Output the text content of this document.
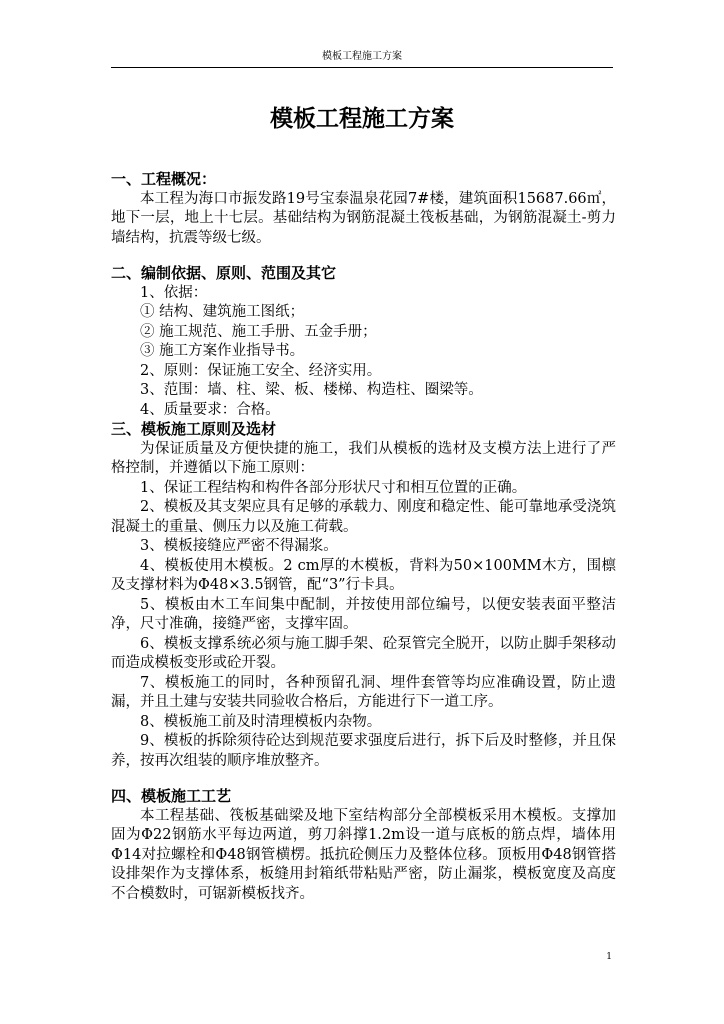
模板工程施工方案
模板工程施工方案
一、工程概况：
本工程为海口市振发路19号宝泰温泉花园7#楼，建筑面积15687.66㎡，地下一层，地上十七层。基础结构为钢筋混凝土筏板基础，为钢筋混凝土-剪力墙结构，抗震等级七级。
二、编制依据、原则、范围及其它
1、依据：
① 结构、建筑施工图纸；
② 施工规范、施工手册、五金手册；
③ 施工方案作业指导书。
2、原则：保证施工安全、经济实用。
3、范围：墙、柱、梁、板、楼梯、构造柱、圈梁等。
4、质量要求：合格。
三、模板施工原则及选材
为保证质量及方便快捷的施工，我们从模板的选材及支模方法上进行了严格控制，并遵循以下施工原则：
1、保证工程结构和构件各部分形状尺寸和相互位置的正确。
2、模板及其支架应具有足够的承载力、刚度和稳定性、能可靠地承受浇筑混凝土的重量、侧压力以及施工荷载。
3、模板接缝应严密不得漏浆。
4、模板使用木模板。2 cm厚的木模板，背料为50×100MM木方，围檩及支撑材料为Φ48×3.5钢管，配“3”行卡具。
5、模板由木工车间集中配制，并按使用部位编号，以便安装表面平整洁净，尺寸准确，接缝严密，支撑牢固。
6、模板支撑系统必须与施工脚手架、砼泵管完全脱开，以防止脚手架移动而造成模板变形或砼开裂。
7、模板施工的同时，各种预留孔洞、埋件套管等均应准确设置，防止遗漏，并且土建与安装共同验收合格后，方能进行下一道工序。
8、模板施工前及时清理模板内杂物。
9、模板的拆除须待砼达到规范要求强度后进行，拆下后及时整修，并且保养，按再次组装的顺序堆放整齐。
四、模板施工工艺
本工程基础、筏板基础梁及地下室结构部分全部模板采用木模板。支撑加固为Φ22钢筋水平每边两道，剪刀斜撑1.2m设一道与底板的筋点焊，墙体用Φ14对拉螺栓和Φ48钢管横楞。抵抗砼侧压力及整体位移。顶板用Φ48钢管搭设排架作为支撑体系，板缝用封箱纸带粘贴严密，防止漏浆，模板宽度及高度不合模数时，可锯新模板找齐。
1
